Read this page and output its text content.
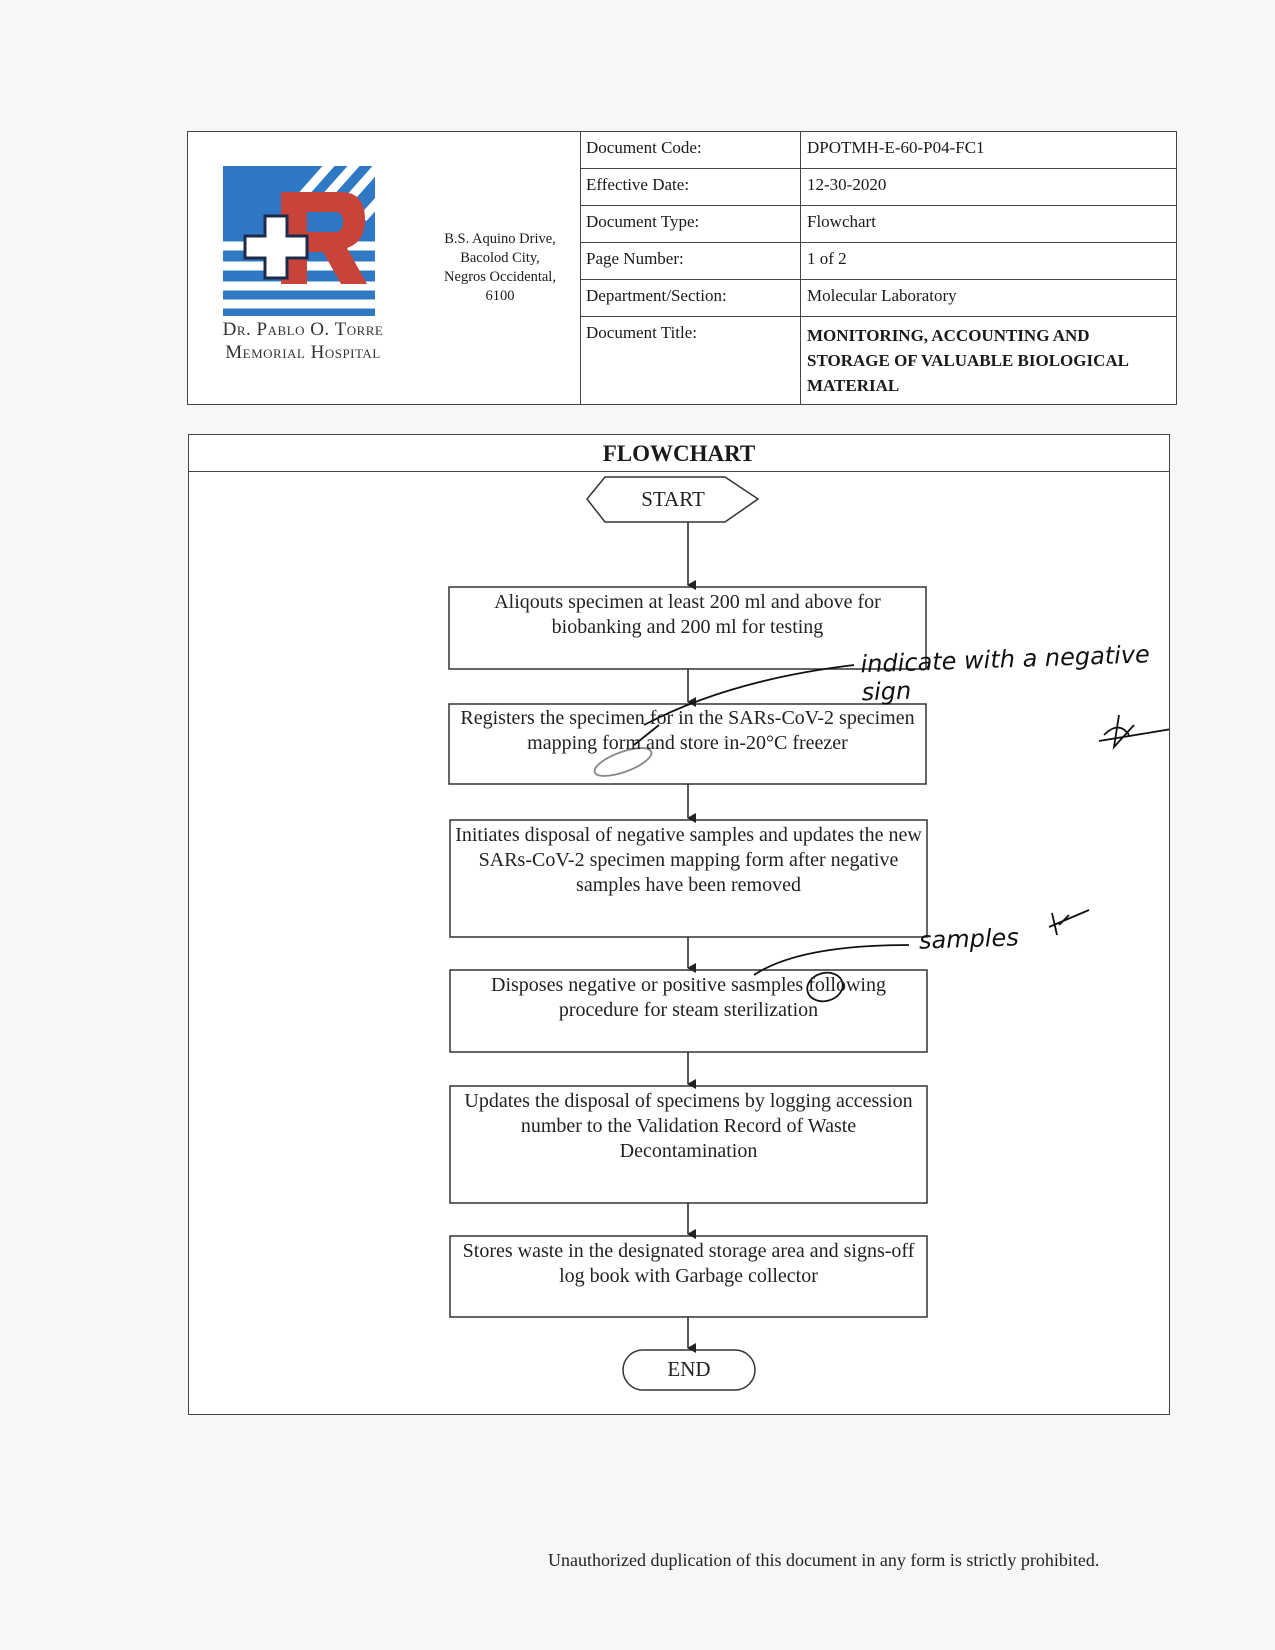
Dr. Pablo O. Torre
Memorial Hospital
B.S. Aquino Drive,
Bacolod City,
Negros Occidental,
6100
Document Code:	DPOTMH-E-60-P04-FC1
Effective Date:	12-30-2020
Document Type:	Flowchart
Page Number:	1 of 2
Department/Section:	Molecular Laboratory
Document Title:	MONITORING, ACCOUNTING AND STORAGE OF VALUABLE BIOLOGICAL MATERIAL
FLOWCHART
START
Aliqouts specimen at least 200 ml and above for biobanking and 200 ml for testing
Registers the specimen for in the SARs-CoV-2 specimen mapping form and store in-20°C freezer
Initiates disposal of negative samples and updates the new SARs-CoV-2 specimen mapping form after negative samples have been removed
Disposes negative or positive sasmples following procedure for steam sterilization
Updates the disposal of specimens by logging accession number to the Validation Record of Waste Decontamination
Stores waste in the designated storage area and signs-off log book with Garbage collector
END
indicate with a negative sign
samples
Unauthorized duplication of this document in any form is strictly prohibited.
